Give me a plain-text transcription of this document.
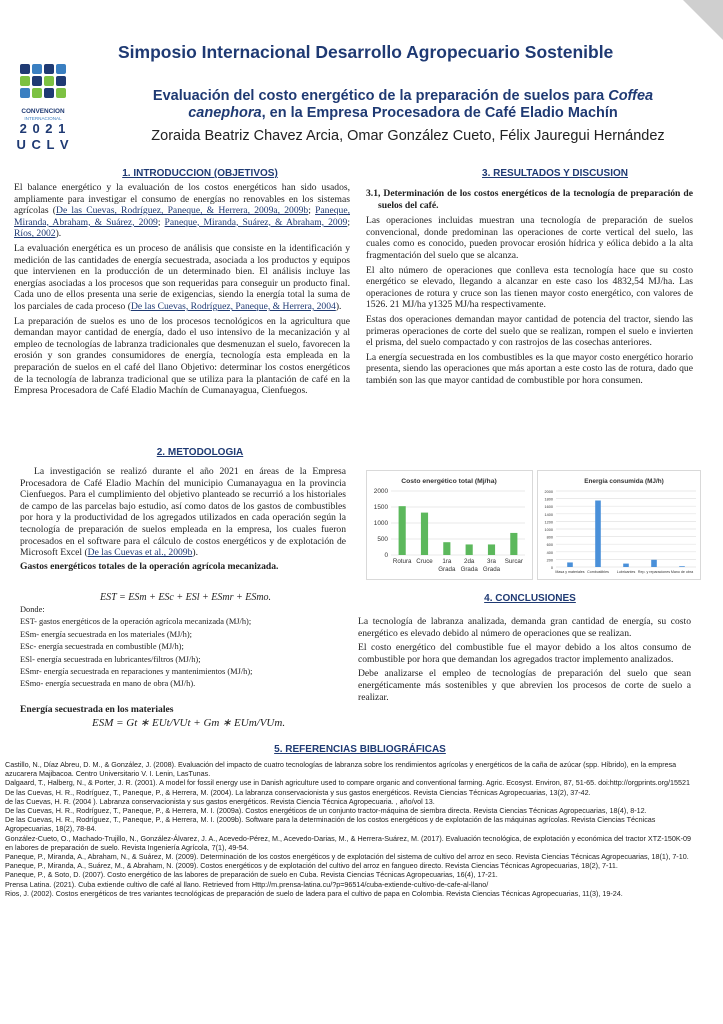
CONVENCION
INTERNACIONAL
2 0 2 1
U C L V
Simposio Internacional Desarrollo Agropecuario Sostenible
Evaluación del costo energético de la preparación de suelos para Coffea
canephora, en la Empresa Procesadora de Café Eladio Machín
Zoraida Beatriz Chavez Arcia, Omar González Cueto, Félix Jauregui Hernández
1. INTRODUCCION (OBJETIVOS)

El balance energético y la evaluación de los costos energéticos han sido usados, ampliamente para investigar el consumo de energías no renovables en los sistemas agrícolas (De las Cuevas, Rodríguez, Paneque, & Herrera, 2009a, 2009b; Paneque, Miranda, Abraham, & Suárez, 2009; Paneque, Miranda, Suárez, & Abraham, 2009; Ríos, 2002).

La evaluación energética es un proceso de análisis que consiste en la identificación y medición de las cantidades de energía secuestrada, asociada a los productos y equipos que intervienen en la producción de un determinado bien. El análisis incluye las energías asociadas a los procesos que son requeridas para conseguir un producto final. Cada uno de ellos presenta una serie de exigencias, siendo la energía total la suma de los parciales de cada proceso (De las Cuevas, Rodríguez, Paneque, & Herrera, 2004).

La preparación de suelos es uno de los procesos tecnológicos en la agricultura que demandan mayor cantidad de energía, dado el uso intensivo de la mecanización y al empleo de tecnologías de labranza tradicionales que desmenuzan el suelo, favorecen la erosión y son grandes consumidores de energía, tecnología esta empleada en la preparación de suelos en el café del llano Objetivo: determinar los costos energéticos de la tecnología de labranza tradicional que se utiliza para la plantación de café en la Empresa Procesadora de Café Eladio Machín de Cumanayagua, Cienfuegos.

2. METODOLOGIA

La investigación se realizó durante el año 2021 en áreas de la Empresa Procesadora de Café Eladio Machín del municipio Cumanayagua en la provincia Cienfuegos. Para el cumplimiento del objetivo planteado se recurrió a los historiales de campo de las parcelas bajo estudio, así como datos de los gastos de combustibles por hora y la productividad de los agregados utilizados en cada operación según la tecnología de preparación de suelos empleada en la empresa, los cuales fueron procesados en el software para el cálculo de costos energéticos y de explotación de Microsoft Excel (De las Cuevas et al., 2009b).

Gastos energéticos totales de la operación agrícola mecanizada.

EST = ESm + ESc + ESl + ESmr + ESmo.
Donde:
EST- gastos energéticos de la operación agrícola mecanizada (MJ/h);
ESm- energía secuestrada en los materiales (MJ/h);
ESc- energía secuestrada en combustible (MJ/h);
ESl- energía secuestrada en lubricantes/filtros (MJ/h);
ESmr- energía secuestrada en reparaciones y mantenimientos (MJ/h);
ESmo- energía secuestrada en mano de obra (MJ/h).
Energía secuestrada en los materiales
ESM = Gt ∗ EUt/VUt + Gm ∗ EUm/VUm.
3. RESULTADOS Y DISCUSION

3.1, Determinación de los costos energéticos de la tecnología de preparación de suelos del café.

Las operaciones incluidas muestran una tecnología de preparación de suelos convencional, donde predominan las operaciones de corte vertical del suelo, las cuales como es conocido, pueden provocar erosión hídrica y eólica debido a la alta fragmentación del suelo que se alcanza.

El alto número de operaciones que conlleva esta tecnología hace que su costo energético se elevado, llegando a alcanzar en este caso los 4832,54 MJ/ha. Las operaciones de rotura y cruce son las tienen mayor costo energético, con valores de 1526. 21 MJ/ha y1325 MJ/ha respectivamente.

Estas dos operaciones demandan mayor cantidad de potencia del tractor, siendo las primeras operaciones de corte del suelo que se realizan, rompen el suelo e invierten el prisma, del suelo compactado y con rastrojos de las cosechas anteriores.

La energía secuestrada en los combustibles es la que mayor costo energético horario presenta, siendo las operaciones que más aportan a este costo las de rotura, dado que también son las que mayor cantidad de combustible por hora consumen.

Costo energético total (Mj/ha)
0
500
1000
1500
2000
Rotura Cruce 1ra
Grada
2da
Grada
3ra
Grada
Surcar
Energía consumida (MJ/h)
0
200
400
600
800
1000
1200
1400
1600
1800
2000
Masa y materiales Combustibles Lubricantes Rep. y reparaciones Mano de obra
4. CONCLUSIONES

La tecnología de labranza analizada, demanda gran cantidad de energía, su costo energético es elevado debido al número de operaciones que se realizan.

El costo energético del combustible fue el mayor debido a los altos consumo de combustible por hora que demandan los agregados tractor implemento analizados.

Debe analizarse el empleo de tecnologías de preparación del suelo que sean energéticamente más sostenibles y que abrevien los procesos de corte de suelo a realizar.

5. REFERENCIAS BIBLIOGRÁFICAS

Castillo, N., Díaz Abreu, D. M., & González, J. (2008). Evaluación del impacto de cuatro tecnologías de labranza sobre los rendimientos agrícolas y energéticos de la caña de azúcar (spp. Híbrido), en la empresa azucarera Majibacoa. Centro Universitario V. I. Lenin, LasTunas.

Dalgaard, T., Halberg, N., & Porter, J. R. (2001). A model for fossil energy use in Danish agriculture used to compare organic and conventional farming. Agric. Ecosyst. Environ, 87, 51-65. doi:http://orgprints.org/15521

De las Cuevas, H. R., Rodríguez, T., Paneque, P., & Herrera, M. (2004). La labranza conservacionista y sus gastos energéticos. Revista Ciencias Técnicas Agropecuarias, 13(2), 37-42.

de las Cuevas, H. R. (2004 ). Labranza conservacionista y sus gastos energéticos. Revista Ciencia Técnica Agropecuaria. , año/vol 13.

De las Cuevas, H. R., Rodríguez, T., Paneque, P., & Herrera, M. I. (2009a). Costos energéticos de un conjunto tractor-máquina de siembra directa. Revista Ciencias Técnicas Agropecuarias, 18(4), 8-12.

De las Cuevas, H. R., Rodríguez, T., Paneque, P., & Herrera, M. I. (2009b). Software para la determinación de los costos energéticos y de explotación de las máquinas agrícolas. Revista Ciencias Técnicas Agropecuarias, 18(2), 78-84.

González-Cueto, O., Machado-Trujillo, N., González-Álvarez, J. A., Acevedo-Pérez, M., Acevedo-Darias, M., & Herrera-Suárez, M. (2017). Evaluación tecnológica, de explotación y económica del tractor XTZ-150K-09 en labores de preparación de suelo. Revista Ingeniería Agrícola, 7(1), 49-54.

Paneque, P., Miranda, A., Abraham, N., & Suárez, M. (2009). Determinación de los costos energéticos y de explotación del sistema de cultivo del arroz en seco. Revista Ciencias Técnicas Agropecuarias, 18(1), 7-10.

Paneque, P., Miranda, A., Suárez, M., & Abraham, N. (2009). Costos energéticos y de explotación del cultivo del arroz en fangueo directo. Revista Ciencias Técnicas Agropecuarias, 18(2), 7-11.

Paneque, P., & Soto, D. (2007). Costo energético de las labores de preparación de suelo en Cuba. Revista Ciencias Técnicas Agropecuarias, 16(4), 17-21.

Prensa Latina. (2021). Cuba extiende cultivo dle café al llano. Retrieved from Http://m.prensa-latina.cu/?p=96514/cuba-extiende-cultivo-de-cafe-al-llano/

Rios, J. (2002). Costos energéticos de tres variantes tecnológicas de preparación de suelo de ladera para el cultivo de papa en Colombia. Revista Ciencias Técnicas Agropecuarias, 11(3), 19-24.
